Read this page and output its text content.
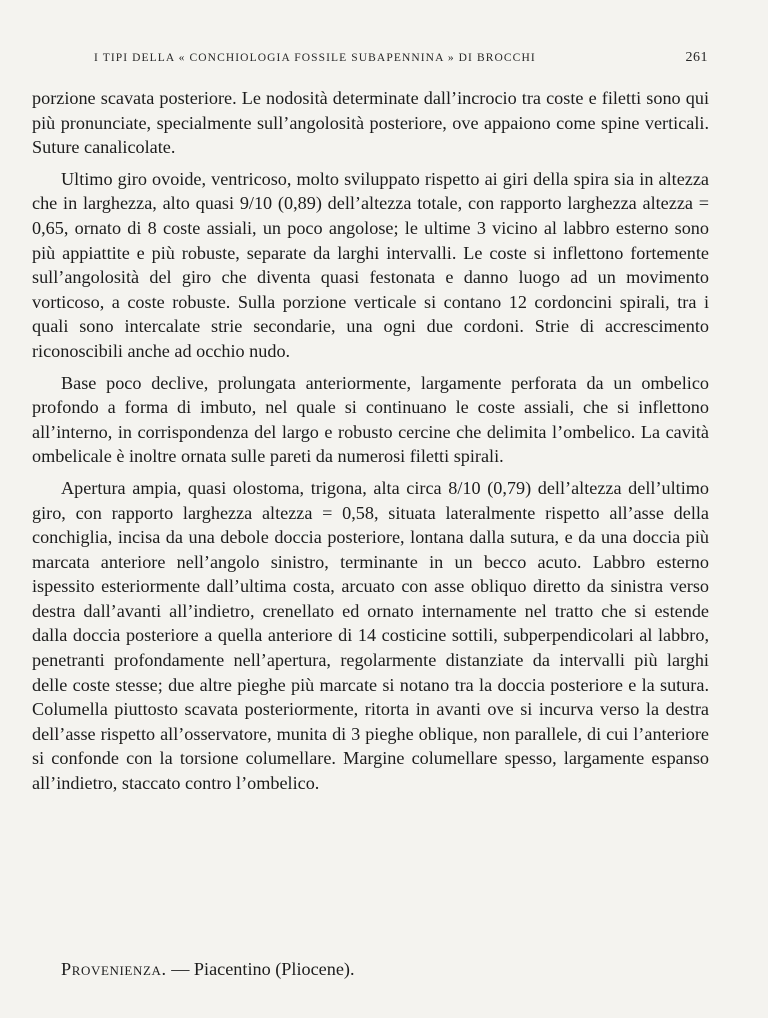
I TIPI DELLA « CONCHIOLOGIA FOSSILE SUBAPENNINA » DI BROCCHI	261

porzione scavata posteriore. Le nodosità determinate dall’incrocio tra coste e filetti sono qui più pronunciate, specialmente sull’angolosità posteriore, ove appaiono come spine verticali. Suture canalicolate.

Ultimo giro ovoide, ventricoso, molto sviluppato rispetto ai giri della spira sia in altezza che in larghezza, alto quasi 9/10 (0,89) dell’altezza totale, con rapporto larghezza altezza = 0,65, ornato di 8 coste assiali, un poco angolose; le ultime 3 vicino al labbro esterno sono più appiattite e più robuste, separate da larghi intervalli. Le coste si inflettono fortemente sull’angolosità del giro che diventa quasi festonata e danno luogo ad un movimento vorticoso, a coste robuste. Sulla porzione verticale si contano 12 cordoncini spirali, tra i quali sono intercalate strie secondarie, una ogni due cordoni. Strie di accrescimento riconoscibili anche ad occhio nudo.

Base poco declive, prolungata anteriormente, largamente perforata da un ombelico profondo a forma di imbuto, nel quale si continuano le coste assiali, che si inflettono all’interno, in corrispondenza del largo e robusto cercine che delimita l’ombelico. La cavità ombelicale è inoltre ornata sulle pareti da numerosi filetti spirali.

Apertura ampia, quasi olostoma, trigona, alta circa 8/10 (0,79) dell’altezza dell’ultimo giro, con rapporto larghezza altezza = 0,58, situata lateralmente rispetto all’asse della conchiglia, incisa da una debole doccia posteriore, lontana dalla sutura, e da una doccia più marcata anteriore nell’angolo sinistro, terminante in un becco acuto. Labbro esterno ispessito esteriormente dall’ultima costa, arcuato con asse obliquo diretto da sinistra verso destra dall’avanti all’indietro, crenellato ed ornato internamente nel tratto che si estende dalla doccia posteriore a quella anteriore di 14 costicine sottili, subperpendicolari al labbro, penetranti profondamente nell’apertura, regolarmente distanziate da intervalli più larghi delle coste stesse; due altre pieghe più marcate si notano tra la doccia posteriore e la sutura. Columella piuttosto scavata posteriormente, ritorta in avanti ove si incurva verso la destra dell’asse rispetto all’osservatore, munita di 3 pieghe oblique, non parallele, di cui l’anteriore si confonde con la torsione columellare. Margine columellare spesso, largamente espanso all’indietro, staccato contro l’ombelico.

Provenienza. — Piacentino (Pliocene).
